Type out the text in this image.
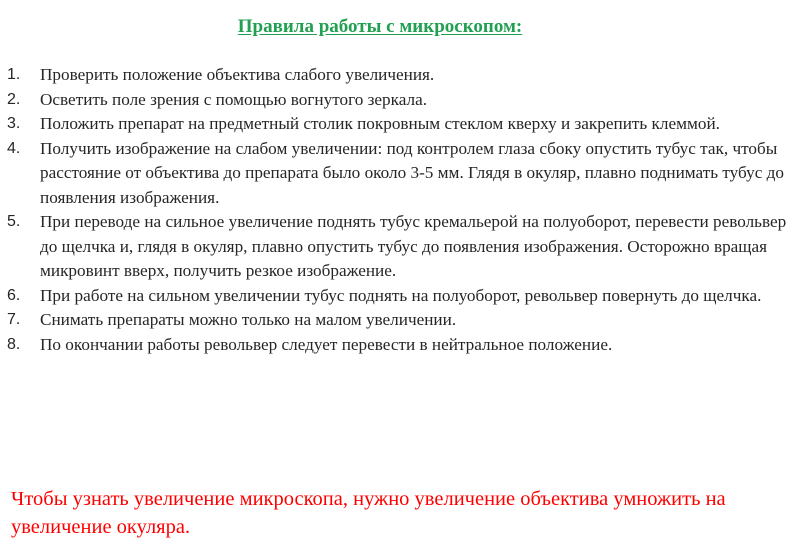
Правила работы с микроскопом:
1. Проверить положение объектива слабого увеличения.
2. Осветить поле зрения с помощью вогнутого зеркала.
3. Положить препарат на предметный столик покровным стеклом кверху и закрепить клеммой.
4. Получить изображение на слабом увеличении: под контролем глаза сбоку опустить тубус так, чтобы расстояние от объектива до препарата было около 3-5 мм. Глядя в окуляр, плавно поднимать тубус до появления изображения.
5. При переводе на сильное увеличение поднять тубус кремальерой на полуоборот, перевести револьвер до щелчка и, глядя в окуляр, плавно опустить тубус до появления изображения. Осторожно вращая микровинт вверх, получить резкое изображение.
6. При работе на сильном увеличении тубус поднять на полуоборот, револьвер повернуть до щелчка.
7. Снимать препараты можно только на малом увеличении.
8. По окончании работы револьвер следует перевести в нейтральное положение.

Чтобы узнать увеличение микроскопа, нужно увеличение объектива умножить на увеличение окуляра.
